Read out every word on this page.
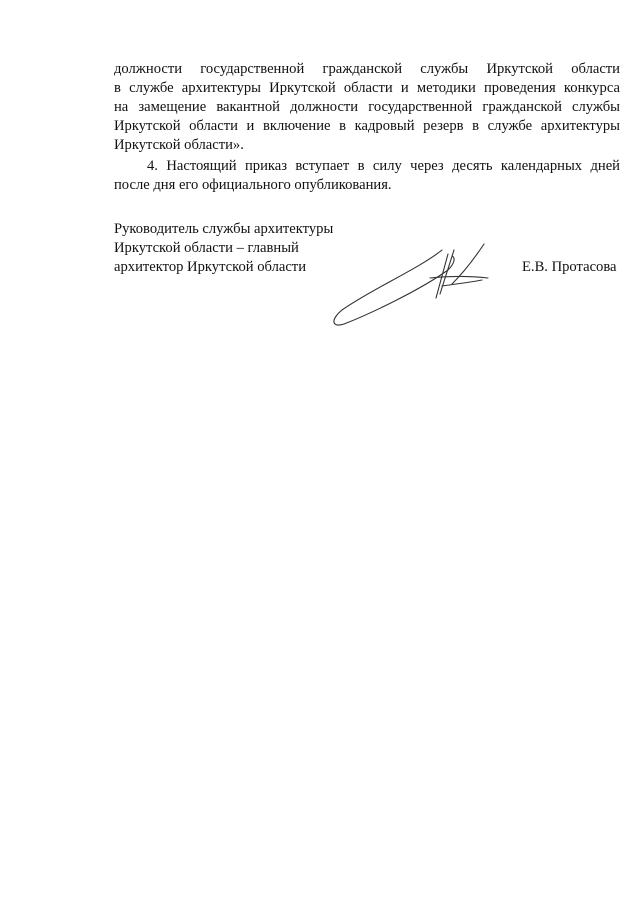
должности государственной гражданской службы Иркутской области
в службе архитектуры Иркутской области и методики проведения конкурса
на замещение вакантной должности государственной гражданской службы
Иркутской области и включение в кадровый резерв в службе архитектуры
Иркутской области».

4. Настоящий приказ вступает в силу через десять календарных дней
после дня его официального опубликования.

Руководитель службы архитектуры
Иркутской области – главный
архитектор Иркутской области	Е.В. Протасова
